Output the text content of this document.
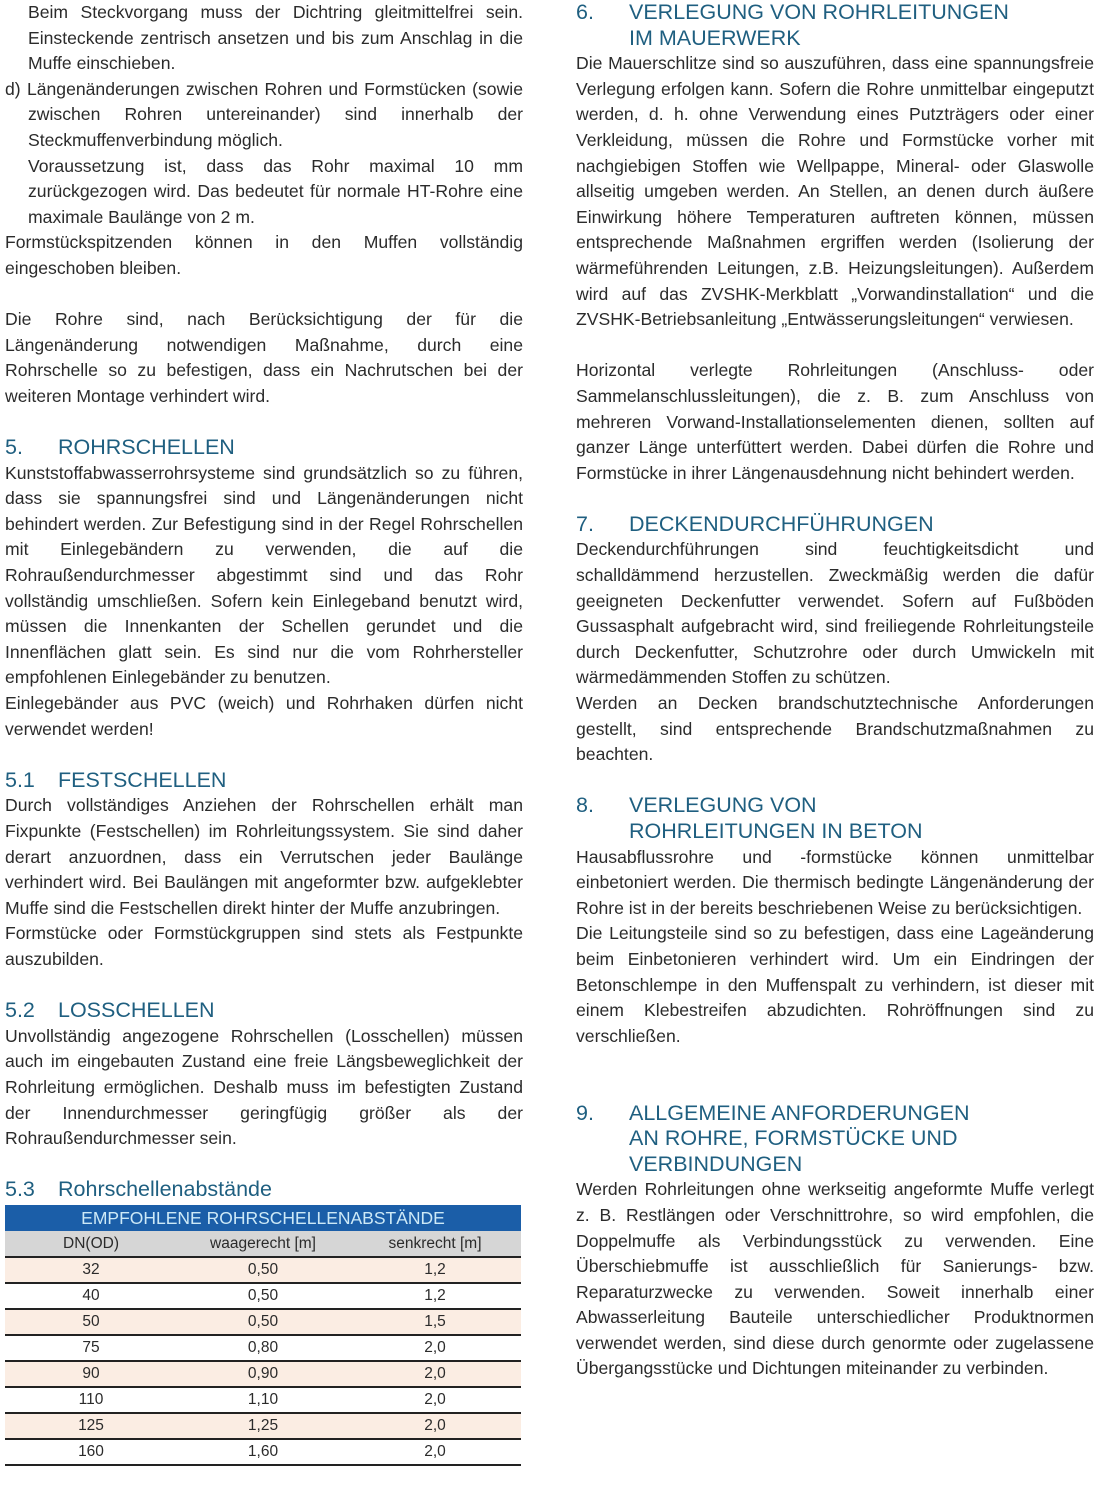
Beim Steckvorgang muss der Dichtring gleitmittelfrei sein. Einsteckende zentrisch ansetzen und bis zum Anschlag in die Muffe einschieben.

d) Längenänderungen zwischen Rohren und Formstücken (sowie zwischen Rohren untereinander) sind innerhalb der Steckmuffenverbindung möglich.

Voraussetzung ist, dass das Rohr maximal 10 mm zurückgezogen wird. Das bedeutet für normale HT-Rohre eine maximale Baulänge von 2 m.

Formstückspitzenden können in den Muffen vollständig eingeschoben bleiben.

Die Rohre sind, nach Berücksichtigung der für die Längenänderung notwendigen Maßnahme, durch eine Rohrschelle so zu befestigen, dass ein Nachrutschen bei der weiteren Montage verhindert wird.

5.	ROHRSCHELLEN

Kunststoffabwasserrohrsysteme sind grundsätzlich so zu führen, dass sie spannungsfrei sind und Längenänderungen nicht behindert werden. Zur Befestigung sind in der Regel Rohrschellen mit Einlegebändern zu verwenden, die auf die Rohraußendurchmesser abgestimmt sind und das Rohr vollständig umschließen. Sofern kein Einlegeband benutzt wird, müssen die Innenkanten der Schellen gerundet und die Innenflächen glatt sein. Es sind nur die vom Rohrhersteller empfohlenen Einlegebänder zu benutzen.

Einlegebänder aus PVC (weich) und Rohrhaken dürfen nicht verwendet werden!

5.1	FESTSCHELLEN

Durch vollständiges Anziehen der Rohrschellen erhält man Fixpunkte (Festschellen) im Rohrleitungssystem. Sie sind daher derart anzuordnen, dass ein Verrutschen jeder Baulänge verhindert wird. Bei Baulängen mit angeformter bzw. aufgeklebter Muffe sind die Festschellen direkt hinter der Muffe anzubringen.

Formstücke oder Formstückgruppen sind stets als Festpunkte auszubilden.

5.2	LOSSCHELLEN

Unvollständig angezogene Rohrschellen (Losschellen) müssen auch im eingebauten Zustand eine freie Längsbeweglichkeit der Rohrleitung ermöglichen. Deshalb muss im befestigten Zustand der Innendurchmesser geringfügig größer als der Rohraußendurchmesser sein.

5.3	Rohrschellenabstände
EMPFOHLENE ROHRSCHELLENABSTÄNDE
DN(OD)	waagerecht [m]	senkrecht [m]
32	0,50	1,2
40	0,50	1,2
50	0,50	1,5
75	0,80	2,0
90	0,90	2,0
110	1,10	2,0
125	1,25	2,0
160	1,60	2,0
6.	VERLEGUNG VON ROHRLEITUNGEN
IM MAUERWERK

Die Mauerschlitze sind so auszuführen, dass eine spannungsfreie Verlegung erfolgen kann. Sofern die Rohre unmittelbar eingeputzt werden, d. h. ohne Verwendung eines Putzträgers oder einer Verkleidung, müssen die Rohre und Formstücke vorher mit nachgiebigen Stoffen wie Wellpappe, Mineral- oder Glaswolle allseitig umgeben werden. An Stellen, an denen durch äußere Einwirkung höhere Temperaturen auftreten können, müssen entsprechende Maßnahmen ergriffen werden (Isolierung der wärmeführenden Leitungen, z.B. Heizungsleitungen). Außerdem wird auf das ZVSHK-Merkblatt „Vorwandinstallation“ und die ZVSHK-Betriebsanleitung „Entwässerungsleitungen“ verwiesen.

Horizontal verlegte Rohrleitungen (Anschluss- oder Sammelanschlussleitungen), die z. B. zum Anschluss von mehreren Vorwand-Installationselementen dienen, sollten auf ganzer Länge unterfüttert werden. Dabei dürfen die Rohre und Formstücke in ihrer Längenausdehnung nicht behindert werden.

7.	DECKENDURCHFÜHRUNGEN

Deckendurchführungen sind feuchtigkeitsdicht und schalldämmend herzustellen. Zweckmäßig werden die dafür geeigneten Deckenfutter verwendet. Sofern auf Fußböden Gussasphalt aufgebracht wird, sind freiliegende Rohrleitungsteile durch Deckenfutter, Schutzrohre oder durch Umwickeln mit wärmedämmenden Stoffen zu schützen.

Werden an Decken brandschutztechnische Anforderungen gestellt, sind entsprechende Brandschutzmaßnahmen zu beachten.

8.	VERLEGUNG VON
ROHRLEITUNGEN IN BETON

Hausabflussrohre und -formstücke können unmittelbar einbetoniert werden. Die thermisch bedingte Längenänderung der Rohre ist in der bereits beschriebenen Weise zu berücksichtigen.

Die Leitungsteile sind so zu befestigen, dass eine Lageänderung beim Einbetonieren verhindert wird. Um ein Eindringen der Betonschlempe in den Muffenspalt zu verhindern, ist dieser mit einem Klebestreifen abzudichten. Rohröffnungen sind zu verschließen.

9.	ALLGEMEINE ANFORDERUNGEN
AN ROHRE, FORMSTÜCKE UND
VERBINDUNGEN

Werden Rohrleitungen ohne werkseitig angeformte Muffe verlegt z. B. Restlängen oder Verschnittrohre, so wird empfohlen, die Doppelmuffe als Verbindungsstück zu verwenden. Eine Überschiebmuffe ist ausschließlich für Sanierungs- bzw. Reparaturzwecke zu verwenden. Soweit innerhalb einer Abwasserleitung Bauteile unterschiedlicher Produktnormen verwendet werden, sind diese durch genormte oder zugelassene Übergangsstücke und Dichtungen miteinander zu verbinden.
